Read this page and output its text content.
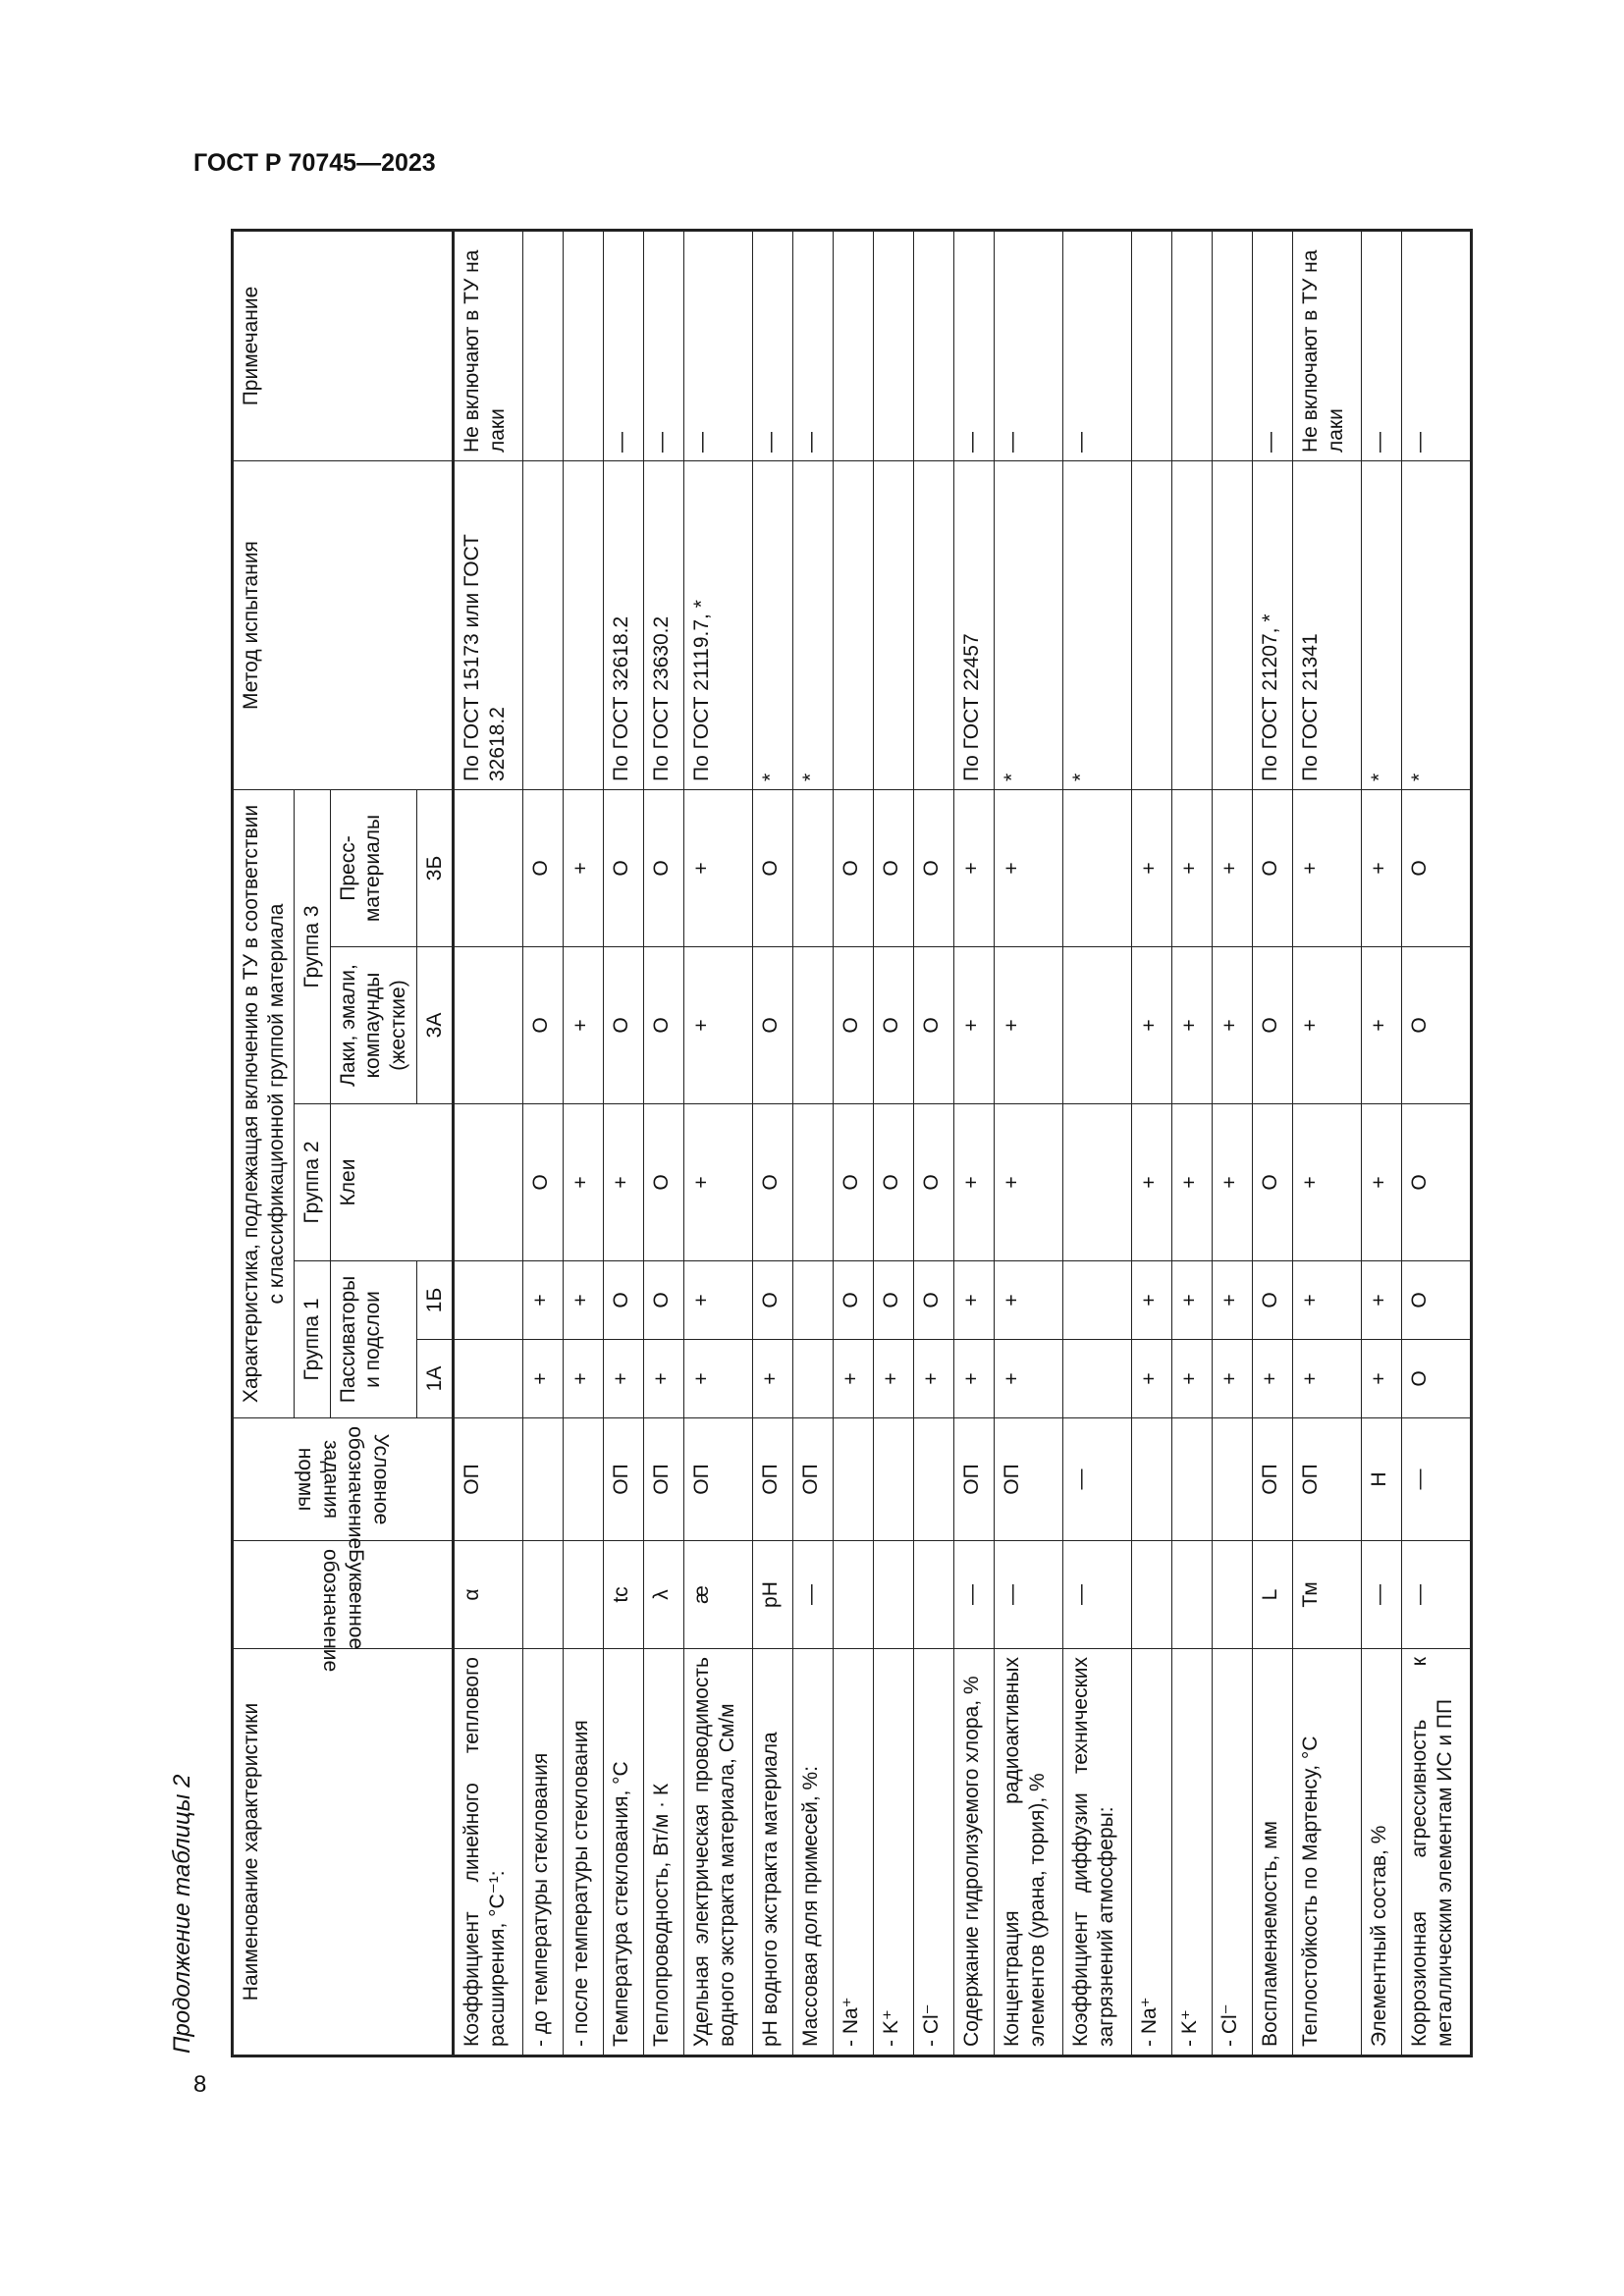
ГОСТ Р 70745—2023
8
Продолжение таблицы 2 Наименование характеристики	Буквенное обозначение	Условное обозначение задания нормы	Характеристика, подлежащая включению в ТУ в соответствии с классификационной группой материала					Метод испытания	Примечание
			Группа 1		Группа 2	Группа 3			
			Пассиваторы и подслои		Клеи	Лаки, эмали, компаунды (жесткие)	Пресс-материалы		
			1А	1Б		3А	3Б		
Коэффициент линейного теплового расширения, °С⁻¹:	α	ОП						По ГОСТ 15173 или ГОСТ 32618.2	Не включают в ТУ на лаки
- до температуры стеклования			+	+	О	О	О		
- после температуры стеклования			+	+	+	+	+		
Температура стеклования, °С	tс	ОП	+	О	+	О	О	По ГОСТ 32618.2	—
Теплопроводность, Вт/м · К	λ	ОП	+	О	О	О	О	По ГОСТ 23630.2	—
Удельная электрическая проводимость водного экстракта материала, См/м	æ	ОП	+	+	+	+	+	По ГОСТ 21119.7, *	—
pH водного экстракта материала	pH	ОП	+	О	О	О	О	*	—
Массовая доля примесей, %:	—	ОП						*	—
- Na⁺			+	О	О	О	О		
- K⁺			+	О	О	О	О		
- Cl⁻			+	О	О	О	О		
Содержание гидролизуемого хлора, %	—	ОП	+	+	+	+	+	По ГОСТ 22457	—
Концентрация радиоактивных элементов (урана, тория), %	—	ОП	+	+	+	+	+	*	—
Коэффициент диффузии технических загрязнений атмосферы:	—	—						*	—
- Na⁺			+	+	+	+	+		
- K⁺			+	+	+	+	+		
- Cl⁻			+	+	+	+	+		
Воспламеняемость, мм	L	ОП	+	О	О	О	О	По ГОСТ 21207, *	—
Теплостойкость по Мартенсу, °С	Тм	ОП	+	+	+	+	+	По ГОСТ 21341	Не включают в ТУ на лаки
Элементный состав, %	—	Н	+	+	+	+	+	*	—
Коррозионная агрессивность к металлическим элементам ИС и ПП	—	—	О	О	О	О	О	*	—
